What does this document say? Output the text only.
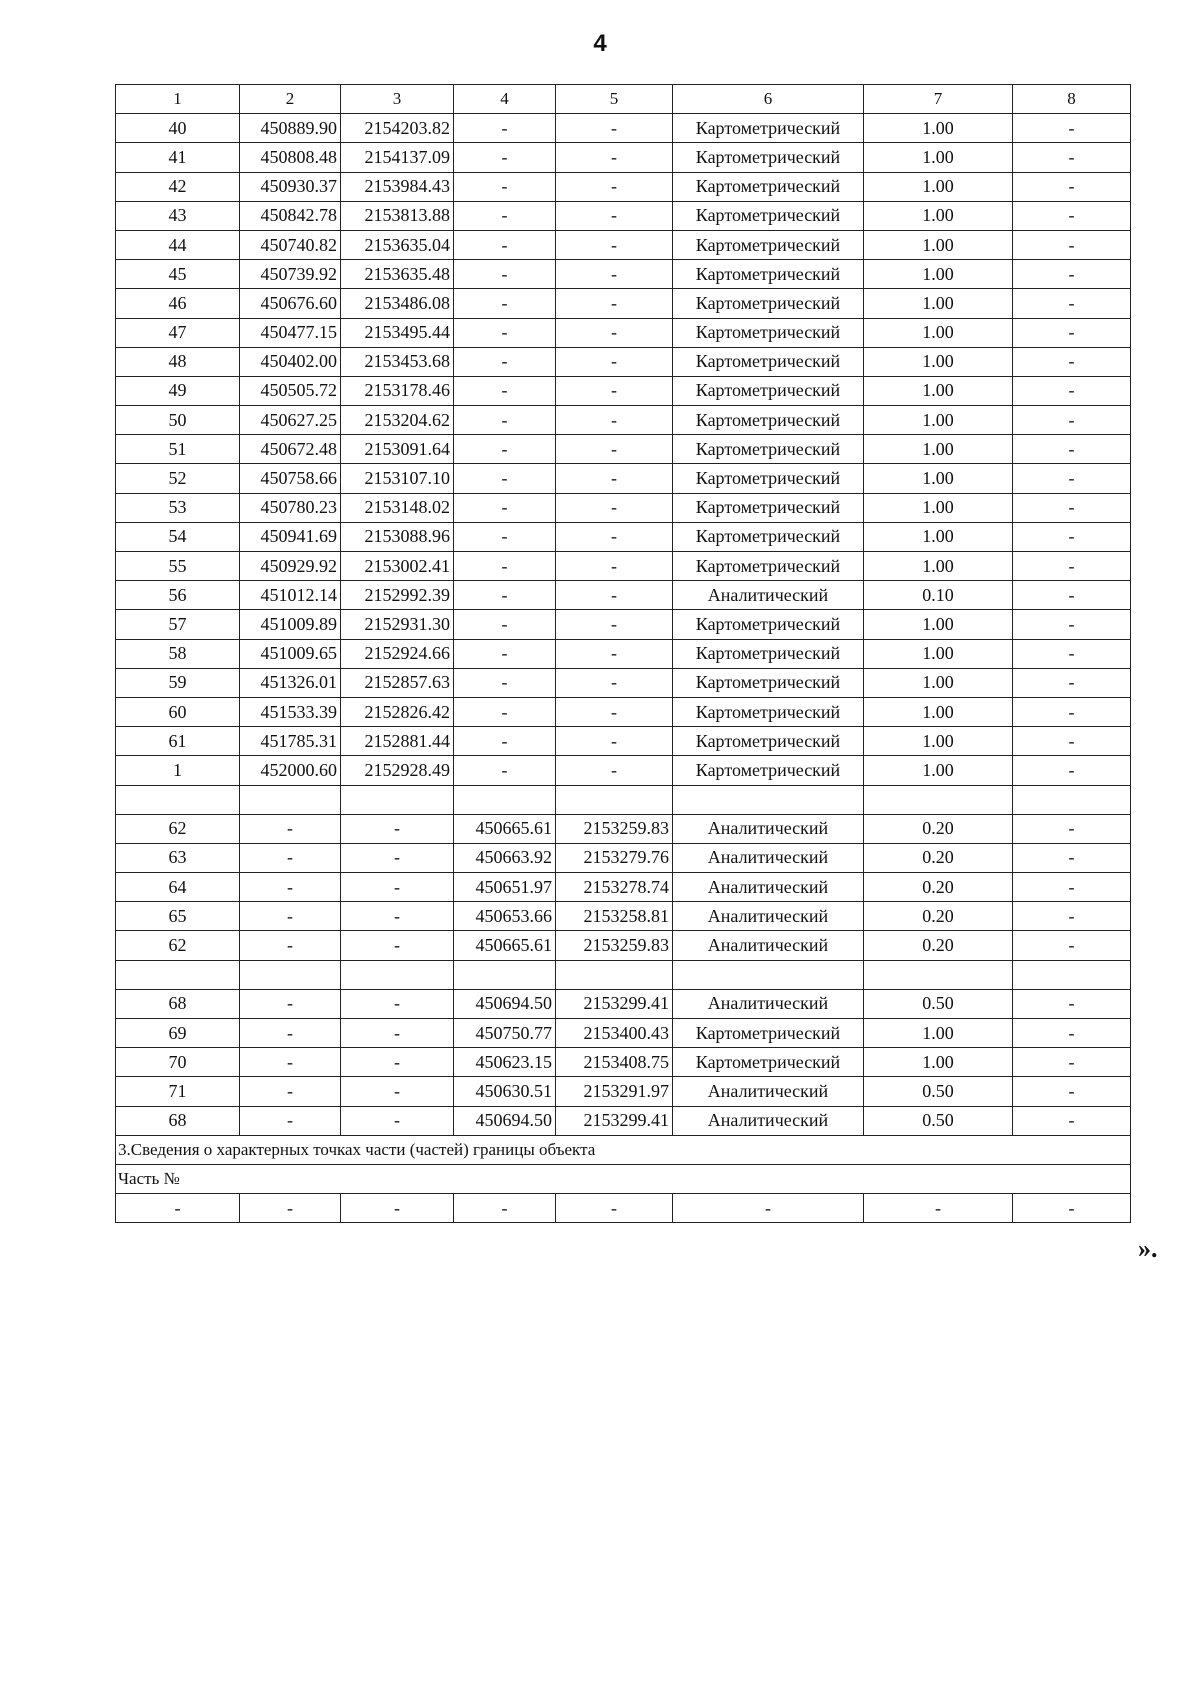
4
1	2	3	4	5	6	7	8
40	450889.90	2154203.82	-	-	Картометрический	1.00	-
41	450808.48	2154137.09	-	-	Картометрический	1.00	-
42	450930.37	2153984.43	-	-	Картометрический	1.00	-
43	450842.78	2153813.88	-	-	Картометрический	1.00	-
44	450740.82	2153635.04	-	-	Картометрический	1.00	-
45	450739.92	2153635.48	-	-	Картометрический	1.00	-
46	450676.60	2153486.08	-	-	Картометрический	1.00	-
47	450477.15	2153495.44	-	-	Картометрический	1.00	-
48	450402.00	2153453.68	-	-	Картометрический	1.00	-
49	450505.72	2153178.46	-	-	Картометрический	1.00	-
50	450627.25	2153204.62	-	-	Картометрический	1.00	-
51	450672.48	2153091.64	-	-	Картометрический	1.00	-
52	450758.66	2153107.10	-	-	Картометрический	1.00	-
53	450780.23	2153148.02	-	-	Картометрический	1.00	-
54	450941.69	2153088.96	-	-	Картометрический	1.00	-
55	450929.92	2153002.41	-	-	Картометрический	1.00	-
56	451012.14	2152992.39	-	-	Аналитический	0.10	-
57	451009.89	2152931.30	-	-	Картометрический	1.00	-
58	451009.65	2152924.66	-	-	Картометрический	1.00	-
59	451326.01	2152857.63	-	-	Картометрический	1.00	-
60	451533.39	2152826.42	-	-	Картометрический	1.00	-
61	451785.31	2152881.44	-	-	Картометрический	1.00	-
1	452000.60	2152928.49	-	-	Картометрический	1.00	-

62	-	-	450665.61	2153259.83	Аналитический	0.20	-
63	-	-	450663.92	2153279.76	Аналитический	0.20	-
64	-	-	450651.97	2153278.74	Аналитический	0.20	-
65	-	-	450653.66	2153258.81	Аналитический	0.20	-
62	-	-	450665.61	2153259.83	Аналитический	0.20	-

68	-	-	450694.50	2153299.41	Аналитический	0.50	-
69	-	-	450750.77	2153400.43	Картометрический	1.00	-
70	-	-	450623.15	2153408.75	Картометрический	1.00	-
71	-	-	450630.51	2153291.97	Аналитический	0.50	-
68	-	-	450694.50	2153299.41	Аналитический	0.50	-
3.Сведения о характерных точках части (частей) границы объекта							
Часть №							
-	-	-	-	-	-	-	-
».
